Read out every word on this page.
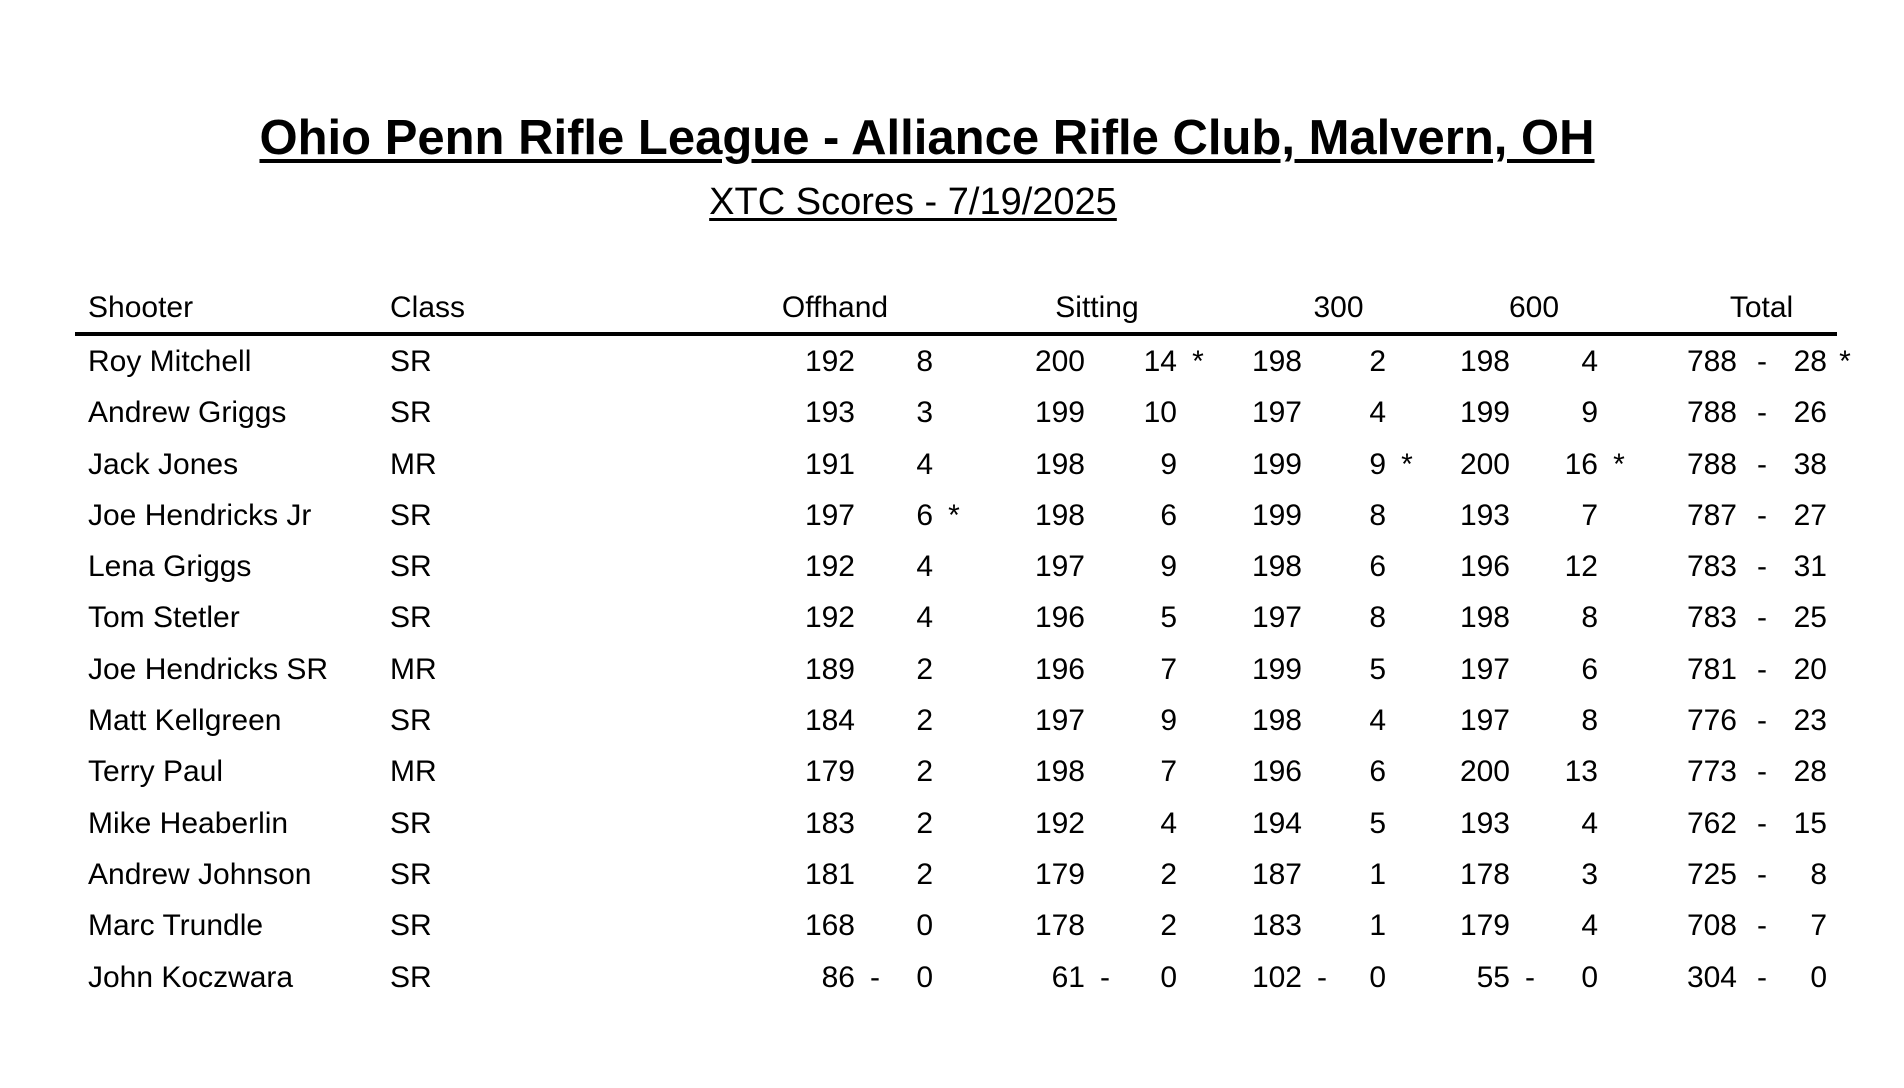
Ohio Penn Rifle League - Alliance Rifle Club, Malvern, OH
XTC Scores - 7/19/2025
Shooter	Class	Offhand	Sitting	300	600	Total
Roy Mitchell	SR	192	8	200	14 *	198	2	198	4	788 - 28 *
Andrew Griggs	SR	193	3	199	10	197	4	199	9	788 - 26
Jack Jones	MR	191	4	198	9	199	9 *	200	16 *	788 - 38
Joe Hendricks Jr	SR	197	6 *	198	6	199	8	193	7	787 - 27
Lena Griggs	SR	192	4	197	9	198	6	196	12	783 - 31
Tom Stetler	SR	192	4	196	5	197	8	198	8	783 - 25
Joe Hendricks SR	MR	189	2	196	7	199	5	197	6	781 - 20
Matt Kellgreen	SR	184	2	197	9	198	4	197	8	776 - 23
Terry Paul	MR	179	2	198	7	196	6	200	13	773 - 28
Mike Heaberlin	SR	183	2	192	4	194	5	193	4	762 - 15
Andrew Johnson	SR	181	2	179	2	187	1	178	3	725 -	8
Marc Trundle	SR	168	0	178	2	183	1	179	4	708 -	7
John Koczwara	SR	86 -	0	61 -	0	102 -	0	55 -	0	304 -	0
